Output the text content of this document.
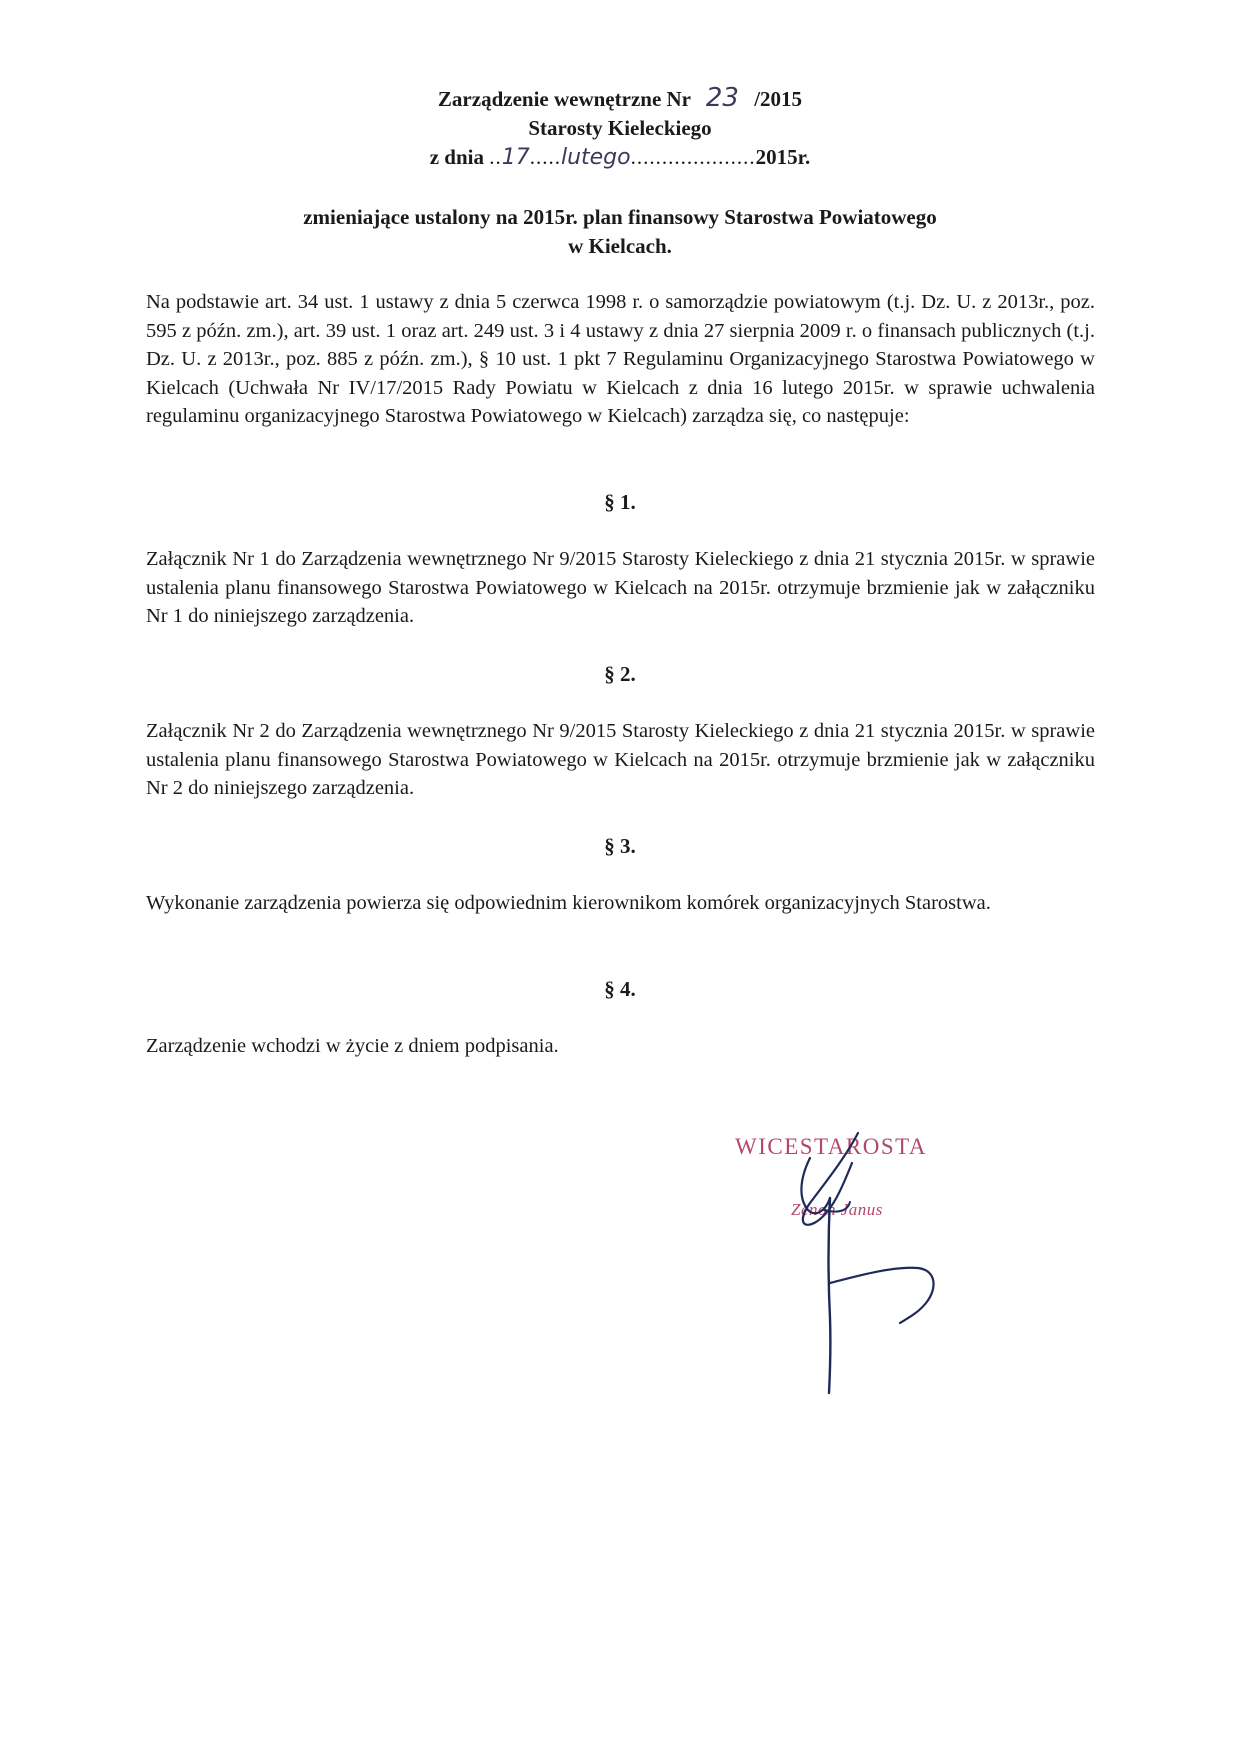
Zarządzenie wewnętrzne Nr 23 /2015
Starosty Kieleckiego
z dnia ..17.....lutego....................2015r.
zmieniające ustalony na 2015r. plan finansowy Starostwa Powiatowego
w Kielcach.
Na podstawie art. 34 ust. 1 ustawy z dnia 5 czerwca 1998 r. o samorządzie powiatowym (t.j. Dz. U. z 2013r., poz. 595 z późn. zm.), art. 39 ust. 1 oraz art. 249 ust. 3 i 4 ustawy z dnia 27 sierpnia 2009 r. o finansach publicznych (t.j. Dz. U. z 2013r., poz. 885 z późn. zm.), § 10 ust. 1 pkt 7 Regulaminu Organizacyjnego Starostwa Powiatowego w Kielcach (Uchwała Nr IV/17/2015 Rady Powiatu w Kielcach z dnia 16 lutego 2015r. w sprawie uchwalenia regulaminu organizacyjnego Starostwa Powiatowego w Kielcach) zarządza się, co następuje:
§ 1.
Załącznik Nr 1 do Zarządzenia wewnętrznego Nr 9/2015 Starosty Kieleckiego z dnia 21 stycznia 2015r. w sprawie ustalenia planu finansowego Starostwa Powiatowego w Kielcach na 2015r. otrzymuje brzmienie jak w załączniku Nr 1 do niniejszego zarządzenia.
§ 2.
Załącznik Nr 2 do Zarządzenia wewnętrznego Nr 9/2015 Starosty Kieleckiego z dnia 21 stycznia 2015r. w sprawie ustalenia planu finansowego Starostwa Powiatowego w Kielcach na 2015r. otrzymuje brzmienie jak w załączniku Nr 2 do niniejszego zarządzenia.
§ 3.
Wykonanie zarządzenia powierza się odpowiednim kierownikom komórek organizacyjnych Starostwa.
§ 4.
Zarządzenie wchodzi w życie z dniem podpisania.
WICESTAROSTA
Zenon Janus
